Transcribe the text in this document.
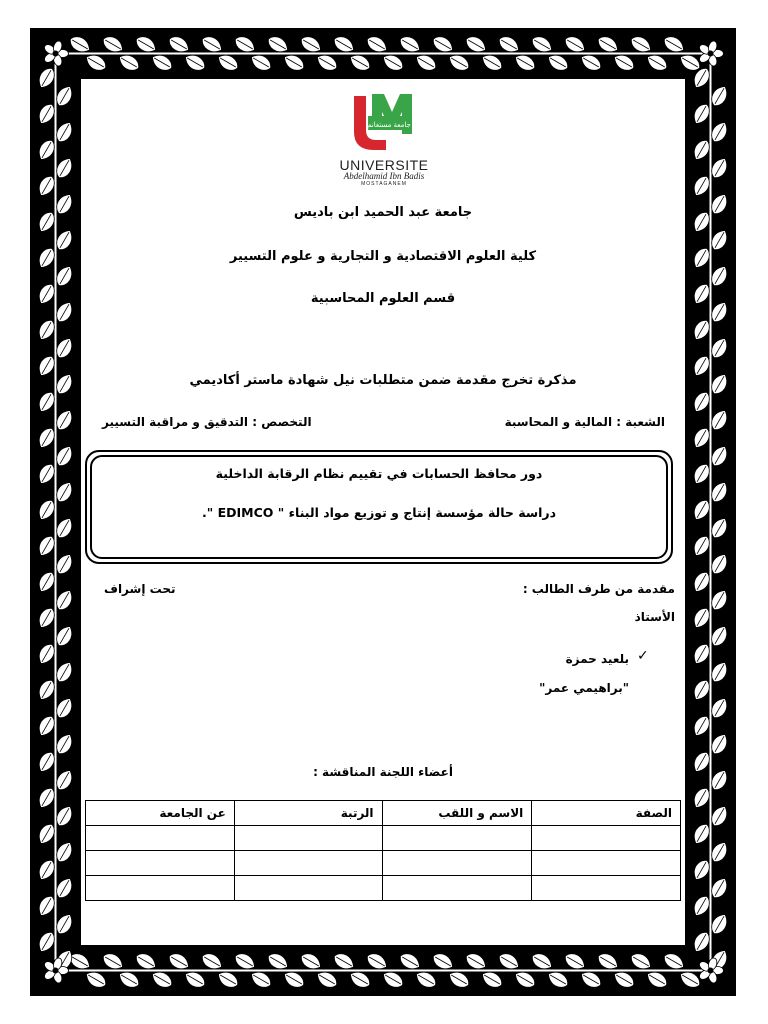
جامعة مستغانم
UNIVERSITE
Abdelhamid Ibn Badis
MOSTAGANEM
جامعة عبد الحميد ابن باديس
كلية العلوم الاقتصادية و التجارية و علوم التسيير
قسم العلوم المحاسبية
مذكرة تخرج مقدمة ضمن متطلبات نيل شهادة ماستر أكاديمي
الشعبة : المالية و المحاسبة
التخصص : التدقيق و مراقبة التسيير
دور محافظ الحسابات في تقييم نظام الرقابة الداخلية
دراسة حالة مؤسسة إنتاج و توزيع مواد البناء " EDIMCO ".
مقدمة من طرف الطالب :
تحت إشراف
الأستاذ
✓
بلعيد حمزة
"براهيمي عمر"
أعضاء اللجنة المناقشة :
الصفة	الاسم و اللقب	الرتبة	عن الجامعة
